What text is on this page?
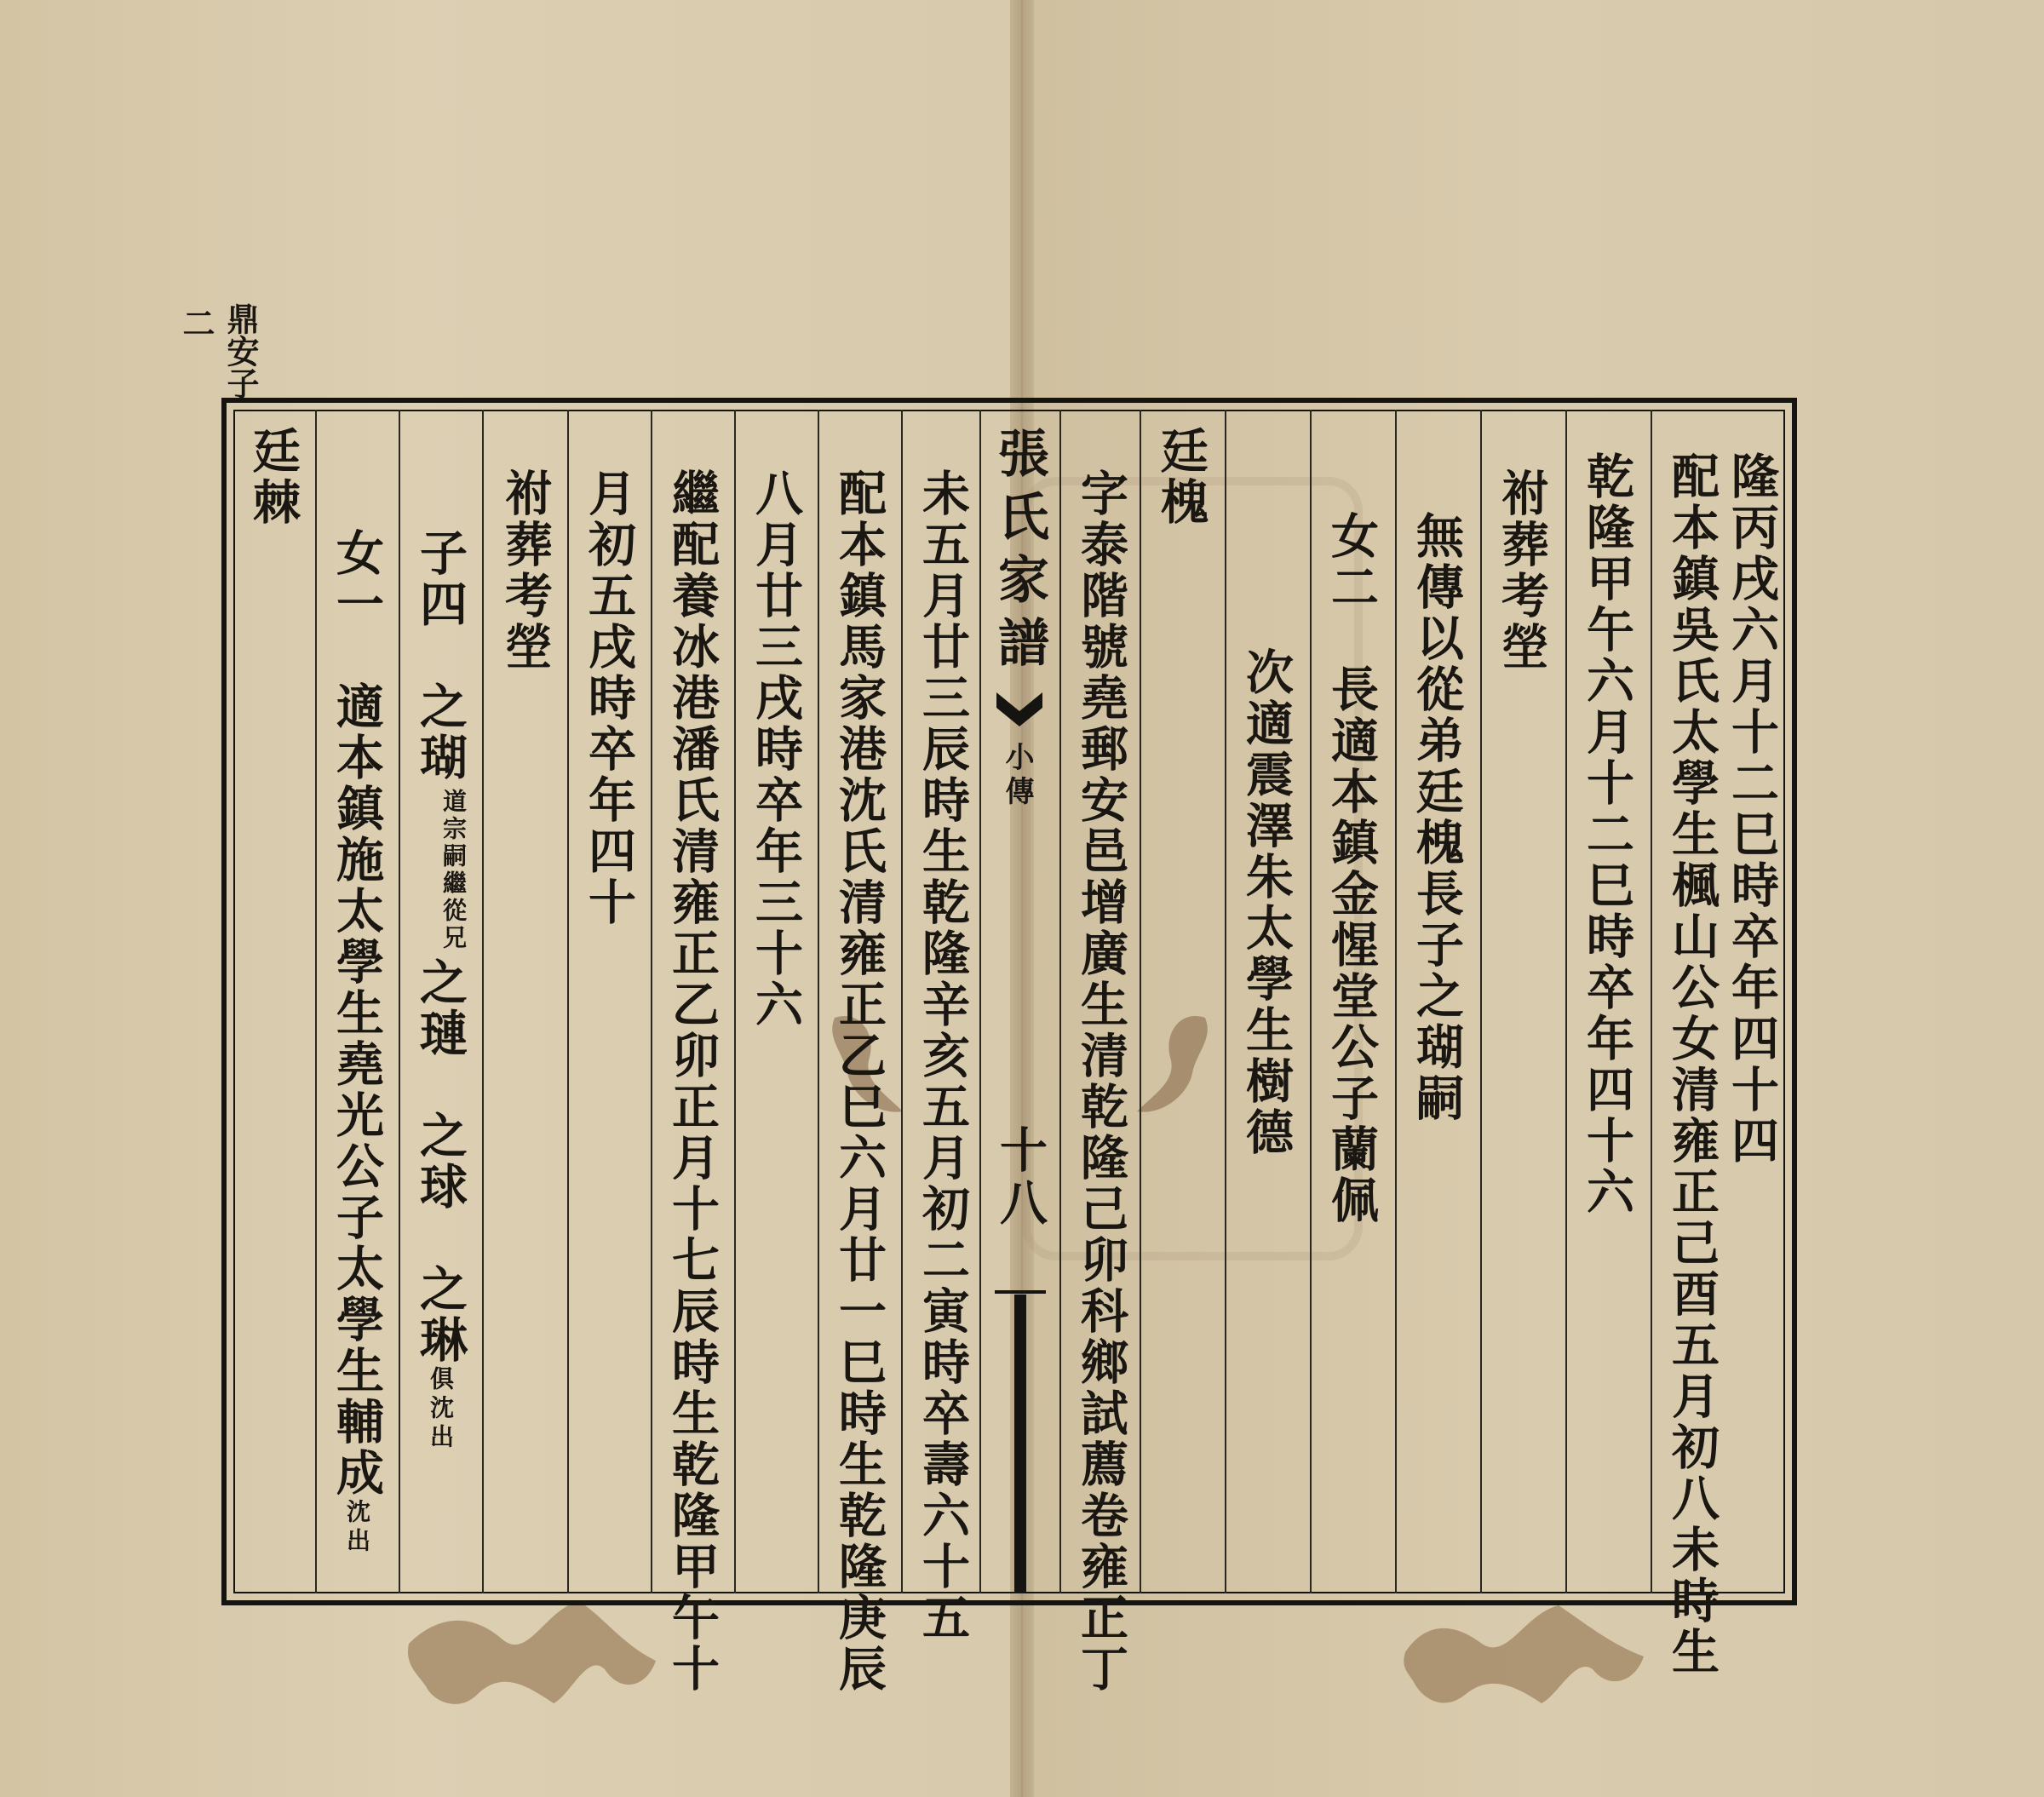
鼎安子
二
張氏家譜
小傳
十八
隆丙戌六月十二巳時卒年四十四
配本鎮吳氏太學生楓山公女清雍正己酉五月初八未時生
乾隆甲午六月十二巳時卒年四十六
祔葬考塋
無傳以從弟廷槐長子之瑚嗣
次適震澤朱太學生樹德
廷槐
字泰階號堯郵安邑增廣生清乾隆己卯科鄉試薦卷雍正丁
未五月廿三辰時生乾隆辛亥五月初二寅時卒壽六十五
配本鎮馬家港沈氏清雍正乙巳六月廿一巳時生乾隆庚辰
八月廿三戌時卒年三十六
繼配養冰港潘氏清雍正乙卯正月十七辰時生乾隆甲午十
月初五戌時卒年四十
祔葬考塋
子四　之瑚
繼從兄
道宗嗣
之璉　之球　之琳俱沈出
女一　適本鎮施太學生堯光公子太學生輔成沈出
廷棘
女二　長適本鎮金惺堂公子蘭佩
